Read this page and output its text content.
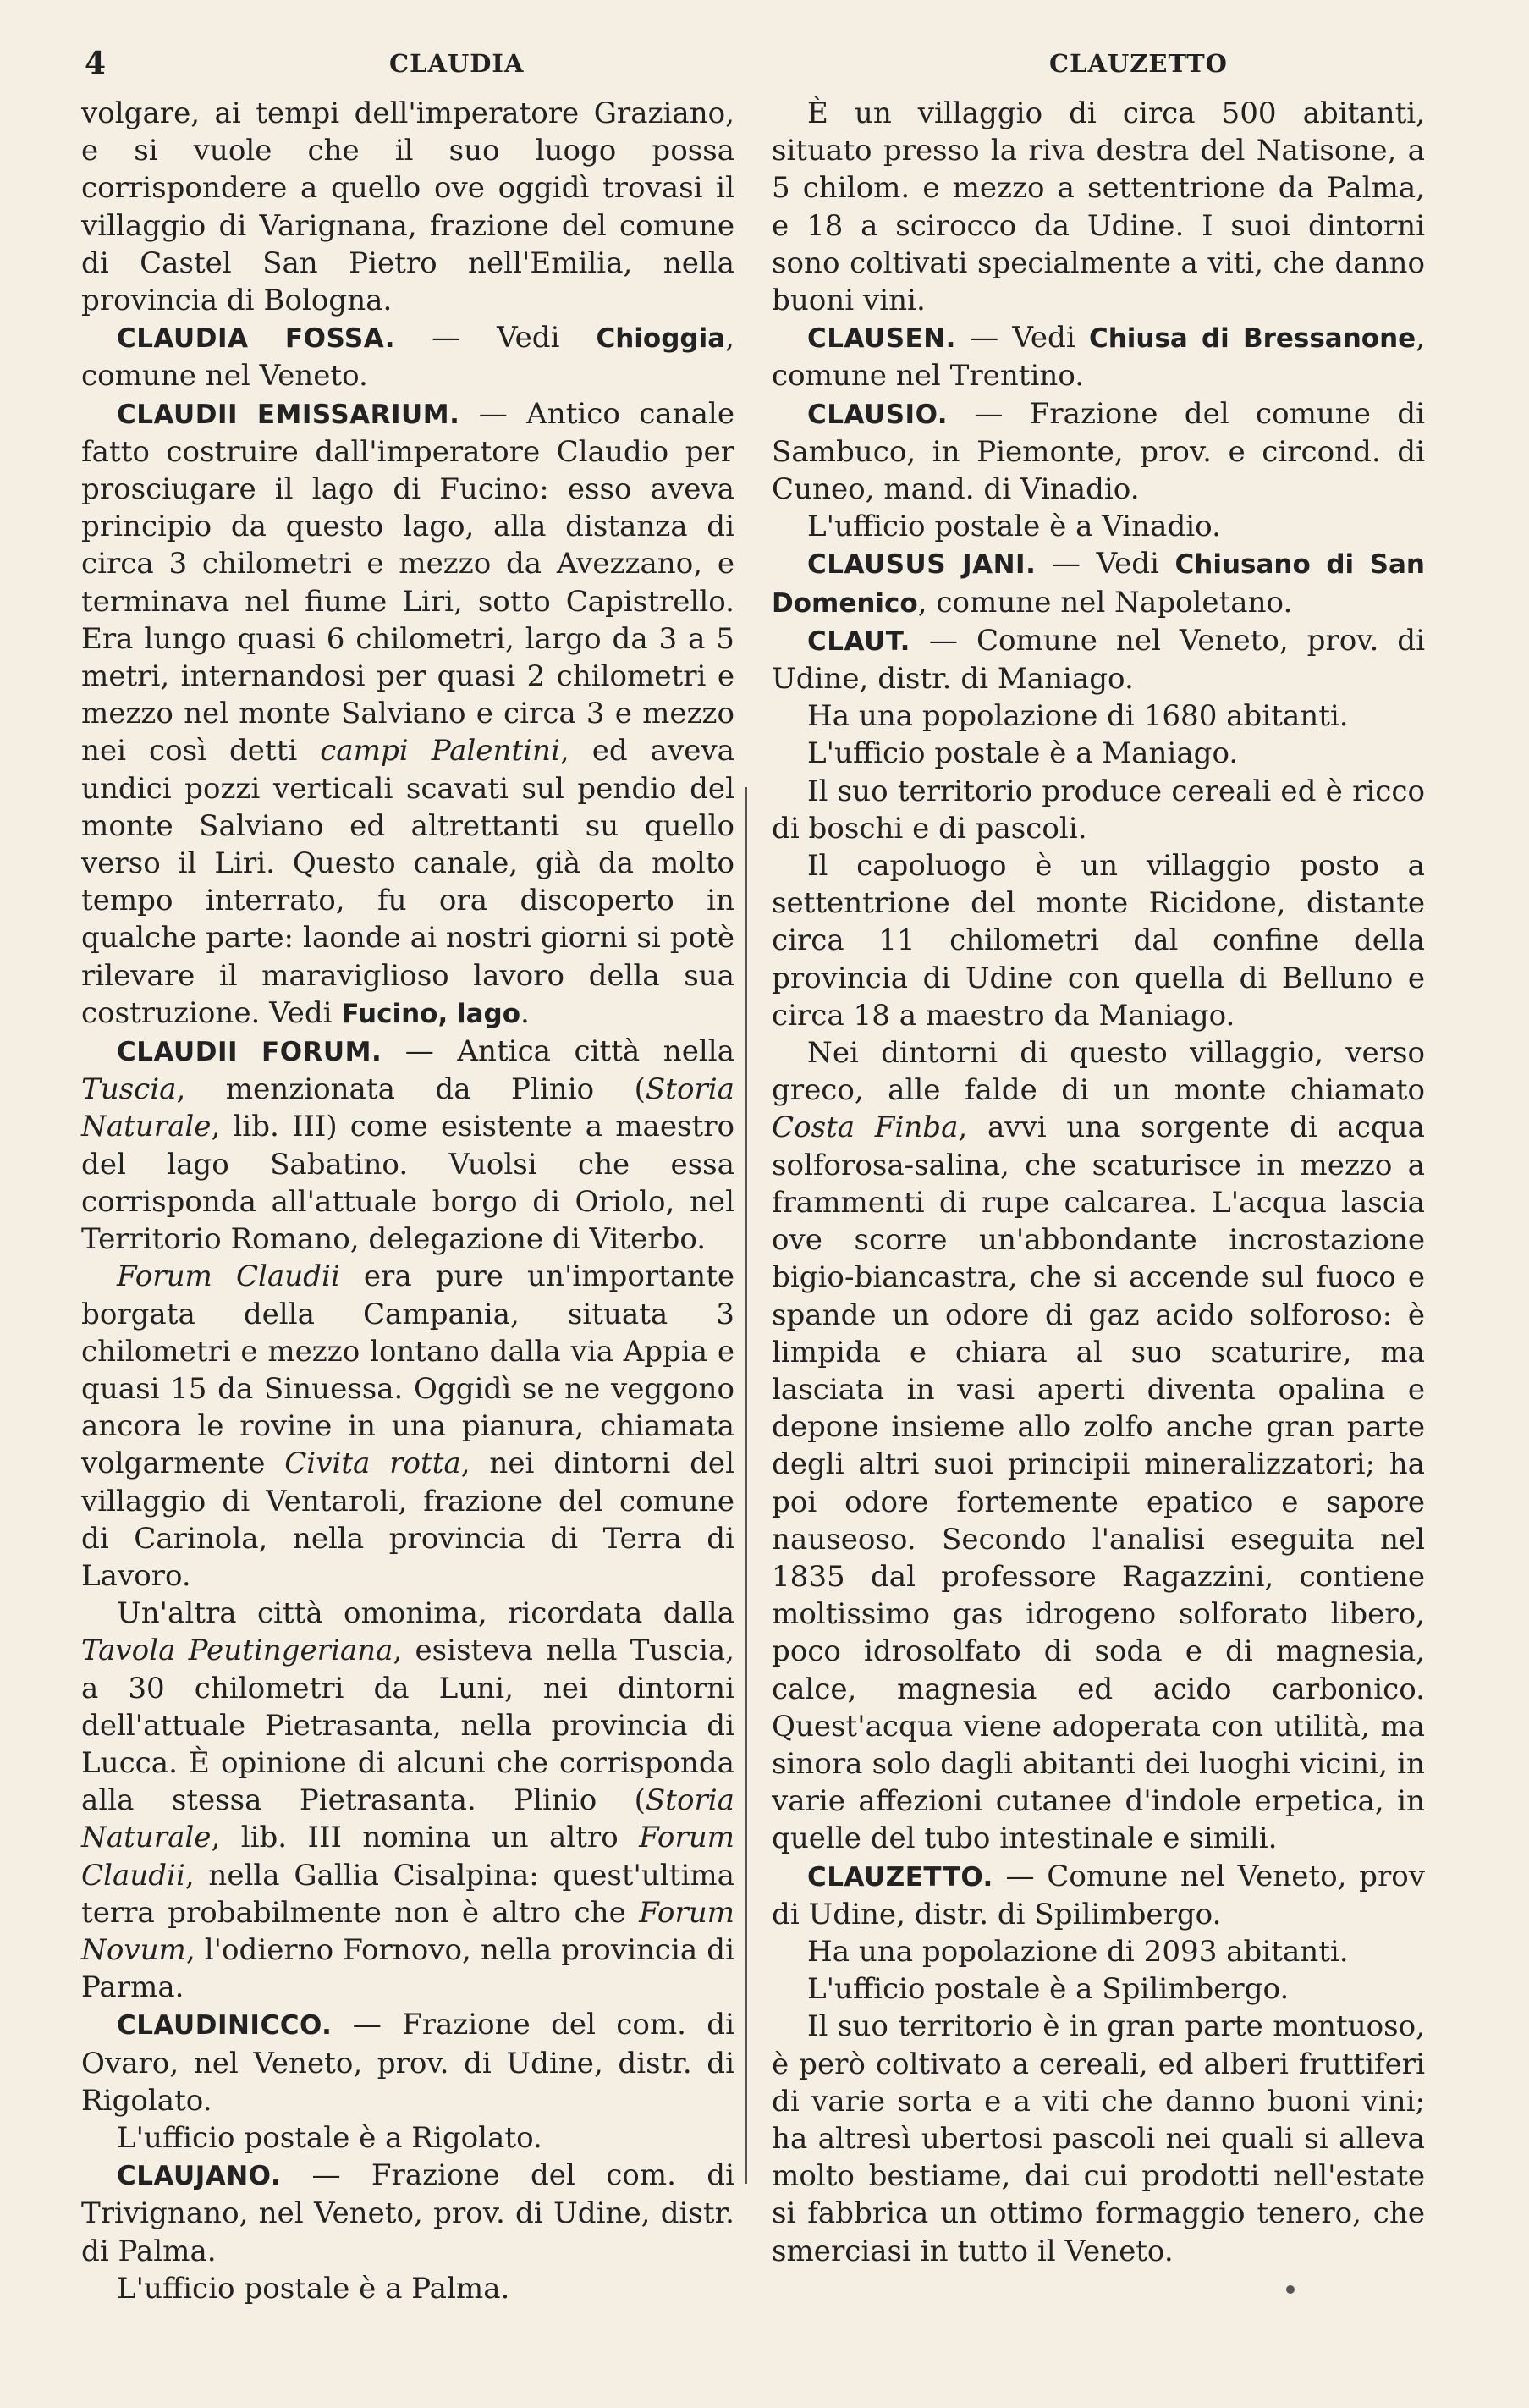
4	CLAUDIA	CLAUZETTO

volgare, ai tempi dell'imperatore Graziano, e si vuole che il suo luogo possa corrispondere a quello ove oggidì trovasi il villaggio di Varignana, frazione del comune di Castel San Pietro nell'Emilia, nella provincia di Bologna.

CLAUDIA FOSSA. — Vedi Chioggia, comune nel Veneto.

CLAUDII EMISSARIUM. — Antico canale fatto costruire dall'imperatore Claudio per prosciugare il lago di Fucino: esso aveva principio da questo lago, alla distanza di circa 3 chilometri e mezzo da Avezzano, e terminava nel fiume Liri, sotto Capistrello. Era lungo quasi 6 chilometri, largo da 3 a 5 metri, internandosi per quasi 2 chilometri e mezzo nel monte Salviano e circa 3 e mezzo nei così detti campi Palentini, ed aveva undici pozzi verticali scavati sul pendio del monte Salviano ed altrettanti su quello verso il Liri. Questo canale, già da molto tempo interrato, fu ora discoperto in qualche parte: laonde ai nostri giorni si potè rilevare il maraviglioso lavoro della sua costruzione. Vedi Fucino, lago.

CLAUDII FORUM. — Antica città nella Tuscia, menzionata da Plinio (Storia Naturale, lib. III) come esistente a maestro del lago Sabatino. Vuolsi che essa corrisponda all'attuale borgo di Oriolo, nel Territorio Romano, delegazione di Viterbo.

Forum Claudii era pure un'importante borgata della Campania, situata 3 chilometri e mezzo lontano dalla via Appia e quasi 15 da Sinuessa. Oggidì se ne veggono ancora le rovine in una pianura, chiamata volgarmente Civita rotta, nei dintorni del villaggio di Ventaroli, frazione del comune di Carinola, nella provincia di Terra di Lavoro.

Un'altra città omonima, ricordata dalla Tavola Peutingeriana, esisteva nella Tuscia, a 30 chilometri da Luni, nei dintorni dell'attuale Pietrasanta, nella provincia di Lucca. È opinione di alcuni che corrisponda alla stessa Pietrasanta. Plinio (Storia Naturale, lib. III nomina un altro Forum Claudii, nella Gallia Cisalpina: quest'ultima terra probabilmente non è altro che Forum Novum, l'odierno Fornovo, nella provincia di Parma.

CLAUDINICCO. — Frazione del com. di Ovaro, nel Veneto, prov. di Udine, distr. di Rigolato.

L'ufficio postale è a Rigolato.

CLAUJANO. — Frazione del com. di Trivignano, nel Veneto, prov. di Udine, distr. di Palma.

L'ufficio postale è a Palma.

È un villaggio di circa 500 abitanti, situato presso la riva destra del Natisone, a 5 chilom. e mezzo a settentrione da Palma, e 18 a scirocco da Udine. I suoi dintorni sono coltivati specialmente a viti, che danno buoni vini.

CLAUSEN. — Vedi Chiusa di Bressanone, comune nel Trentino.

CLAUSIO. — Frazione del comune di Sambuco, in Piemonte, prov. e circond. di Cuneo, mand. di Vinadio.

L'ufficio postale è a Vinadio.

CLAUSUS JANI. — Vedi Chiusano di San Domenico, comune nel Napoletano.

CLAUT. — Comune nel Veneto, prov. di Udine, distr. di Maniago.

Ha una popolazione di 1680 abitanti.

L'ufficio postale è a Maniago.

Il suo territorio produce cereali ed è ricco di boschi e di pascoli.

Il capoluogo è un villaggio posto a settentrione del monte Ricidone, distante circa 11 chilometri dal confine della provincia di Udine con quella di Belluno e circa 18 a maestro da Maniago.

Nei dintorni di questo villaggio, verso greco, alle falde di un monte chiamato Costa Finba, avvi una sorgente di acqua solforosa-salina, che scaturisce in mezzo a frammenti di rupe calcarea. L'acqua lascia ove scorre un'abbondante incrostazione bigio-biancastra, che si accende sul fuoco e spande un odore di gaz acido solforoso: è limpida e chiara al suo scaturire, ma lasciata in vasi aperti diventa opalina e depone insieme allo zolfo anche gran parte degli altri suoi principii mineralizzatori; ha poi odore fortemente epatico e sapore nauseoso. Secondo l'analisi eseguita nel 1835 dal professore Ragazzini, contiene moltissimo gas idrogeno solforato libero, poco idrosolfato di soda e di magnesia, calce, magnesia ed acido carbonico. Quest'acqua viene adoperata con utilità, ma sinora solo dagli abitanti dei luoghi vicini, in varie affezioni cutanee d'indole erpetica, in quelle del tubo intestinale e simili.

CLAUZETTO. — Comune nel Veneto, prov di Udine, distr. di Spilimbergo.

Ha una popolazione di 2093 abitanti.

L'ufficio postale è a Spilimbergo.

Il suo territorio è in gran parte montuoso, è però coltivato a cereali, ed alberi fruttiferi di varie sorta e a viti che danno buoni vini; ha altresì ubertosi pascoli nei quali si alleva molto bestiame, dai cui prodotti nell'estate si fabbrica un ottimo formaggio tenero, che smerciasi in tutto il Veneto.
